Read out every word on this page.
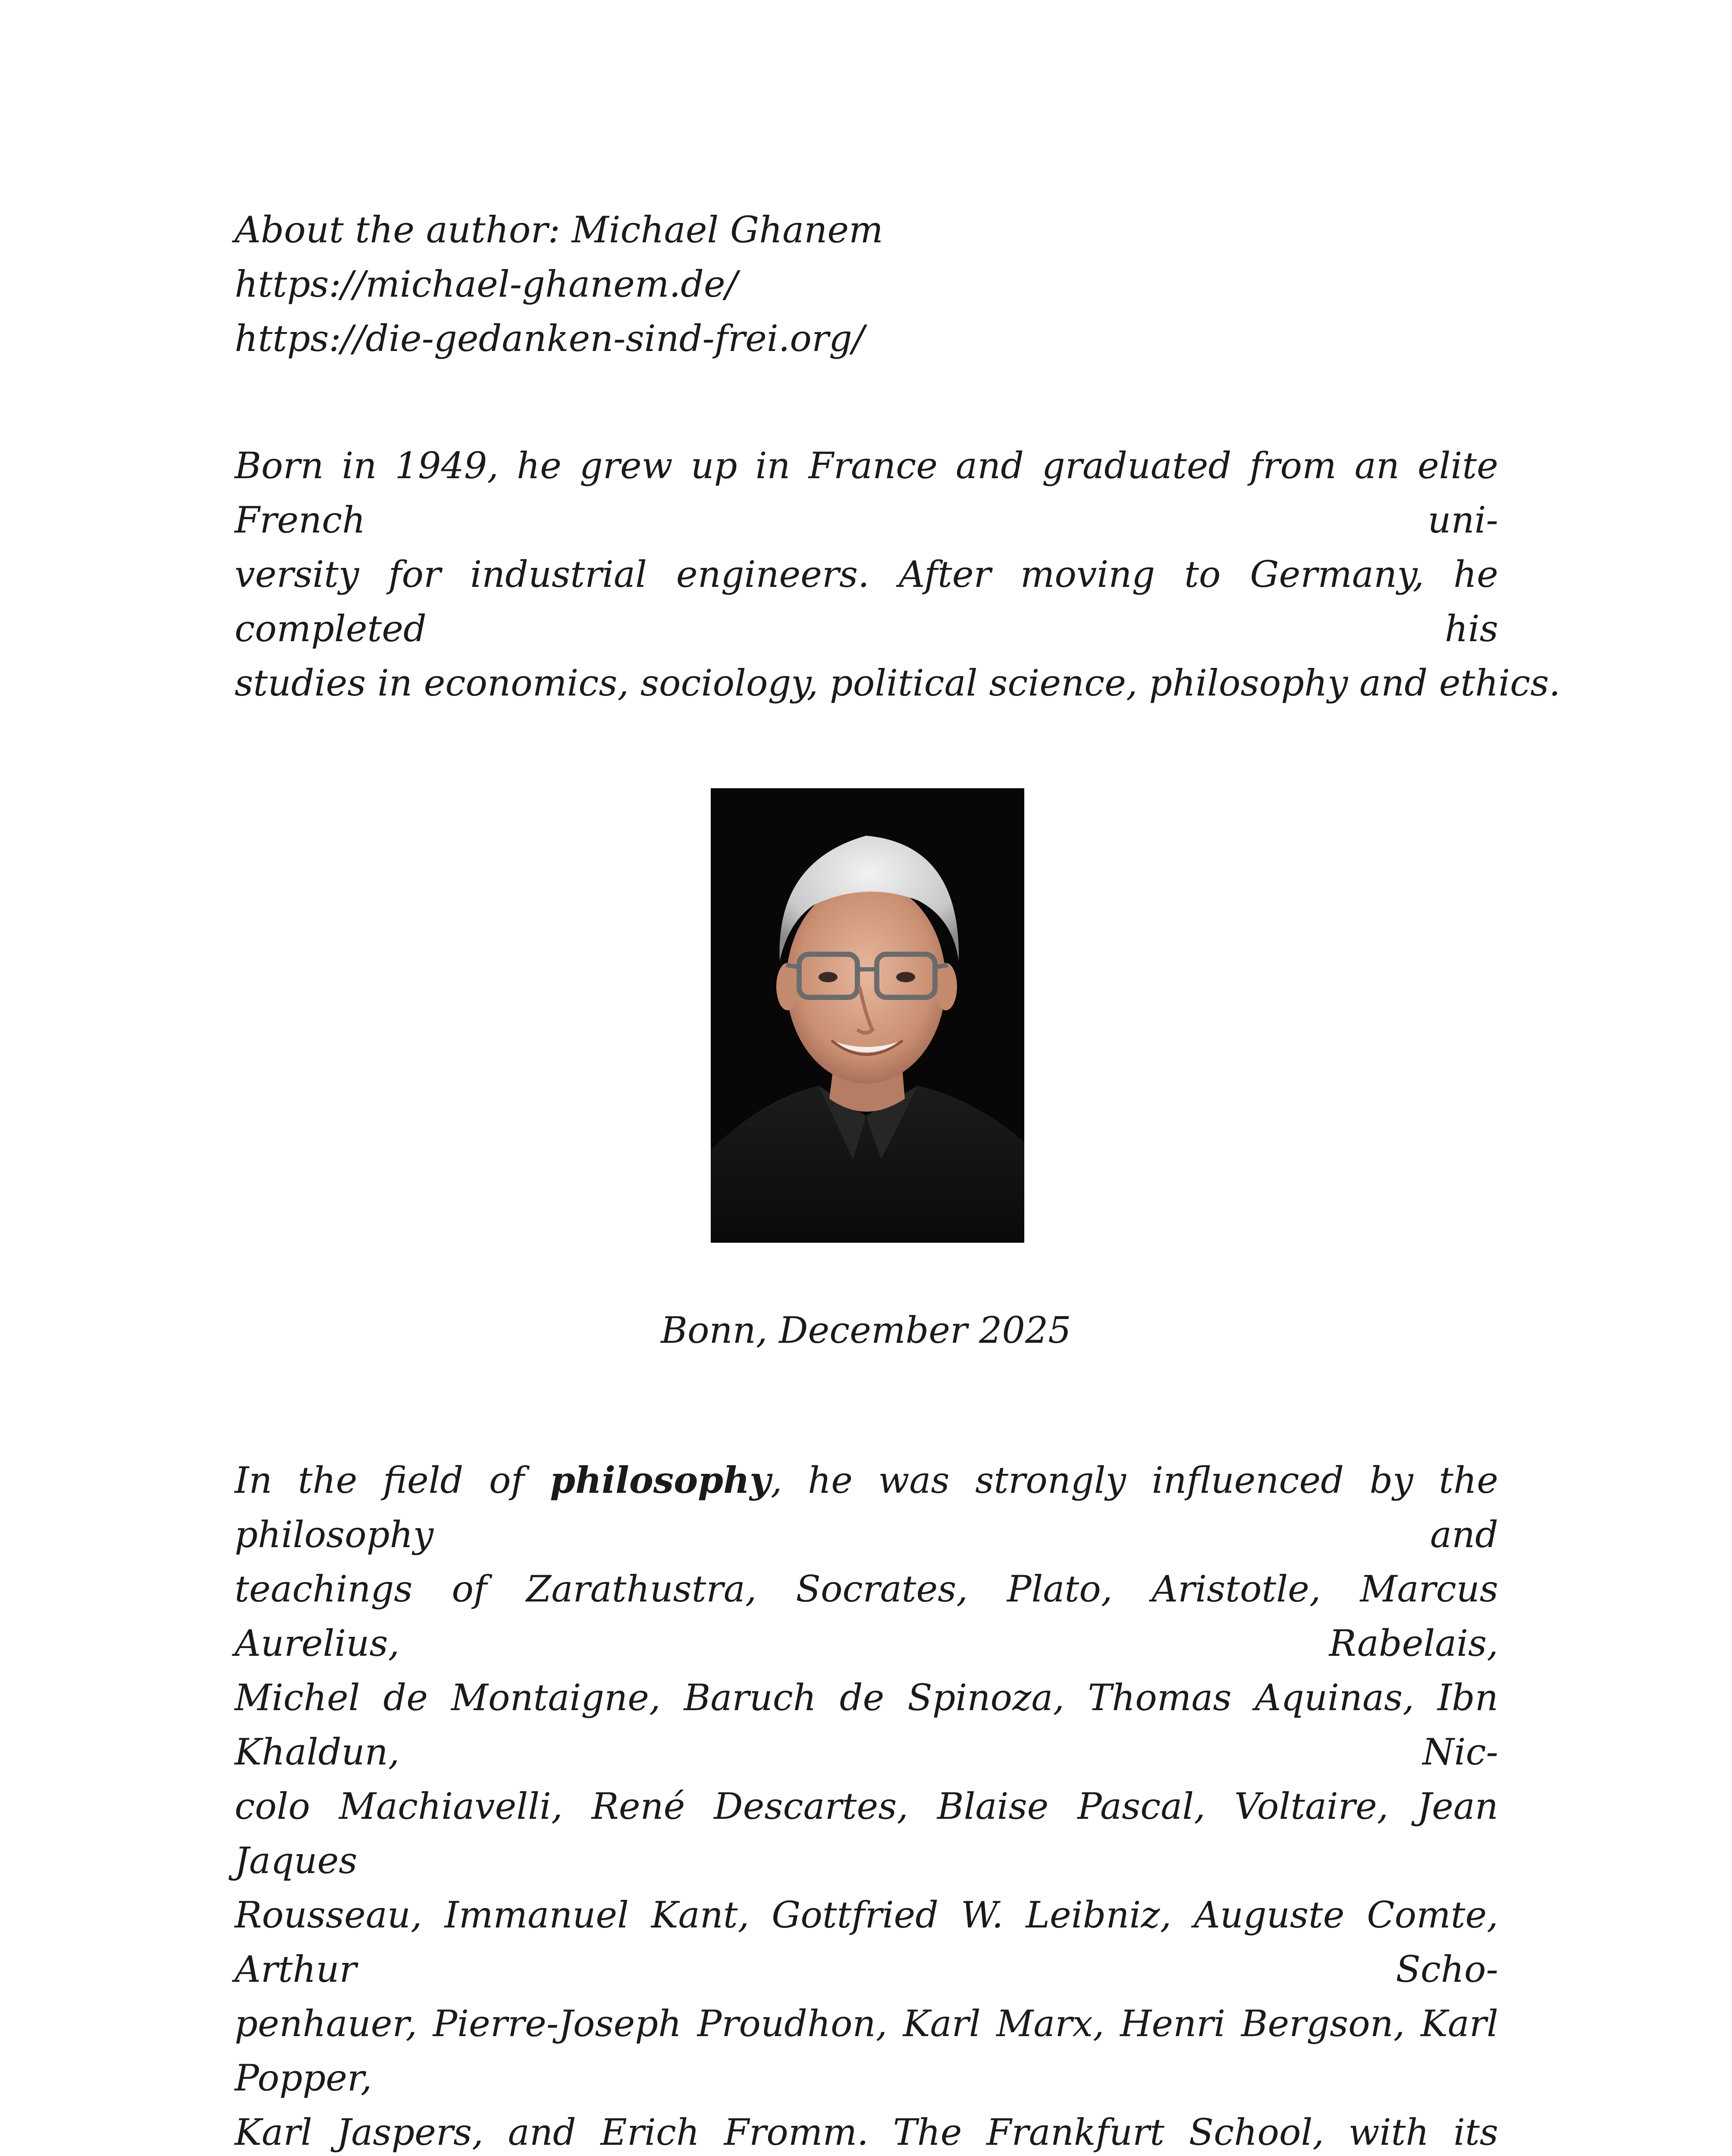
About the author: Michael Ghanem
https://michael-ghanem.de/
https://die-gedanken-sind-frei.org/
Born in 1949, he grew up in France and graduated from an elite French uni-
versity for industrial engineers. After moving to Germany, he completed his
studies in economics, sociology, political science, philosophy and ethics.
Bonn, December 2025
In the field of philosophy, he was strongly influenced by the philosophy and
teachings of Zarathustra, Socrates, Plato, Aristotle, Marcus Aurelius, Rabelais,
Michel de Montaigne, Baruch de Spinoza, Thomas Aquinas, Ibn Khaldun, Nic-
colo Machiavelli, René Descartes, Blaise Pascal, Voltaire, Jean Jaques
Rousseau, Immanuel Kant, Gottfried W. Leibniz, Auguste Comte, Arthur Scho-
penhauer, Pierre-Joseph Proudhon, Karl Marx, Henri Bergson, Karl Popper,
Karl Jaspers, and Erich Fromm. The Frankfurt School, with its
